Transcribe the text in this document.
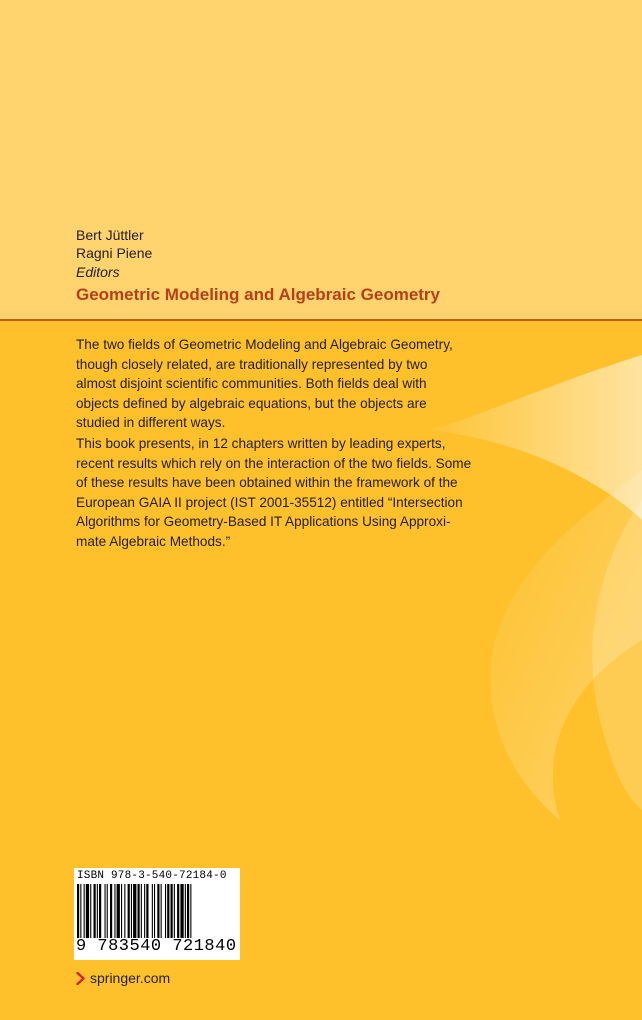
Bert Jüttler
Ragni Piene
Editors
Geometric Modeling and Algebraic Geometry
The two fields of Geometric Modeling and Algebraic Geometry,
though closely related, are traditionally represented by two
almost disjoint scientific communities. Both fields deal with
objects defined by algebraic equations, but the objects are
studied in different ways.
This book presents, in 12 chapters written by leading experts,
recent results which rely on the interaction of the two fields. Some
of these results have been obtained within the framework of the
European GAIA II project (IST 2001-35512) entitled “Intersection
Algorithms for Geometry-Based IT Applications Using Approxi-
mate Algebraic Methods.”
ISBN 978-3-540-72184-0
9 783540 721840
springer.com
